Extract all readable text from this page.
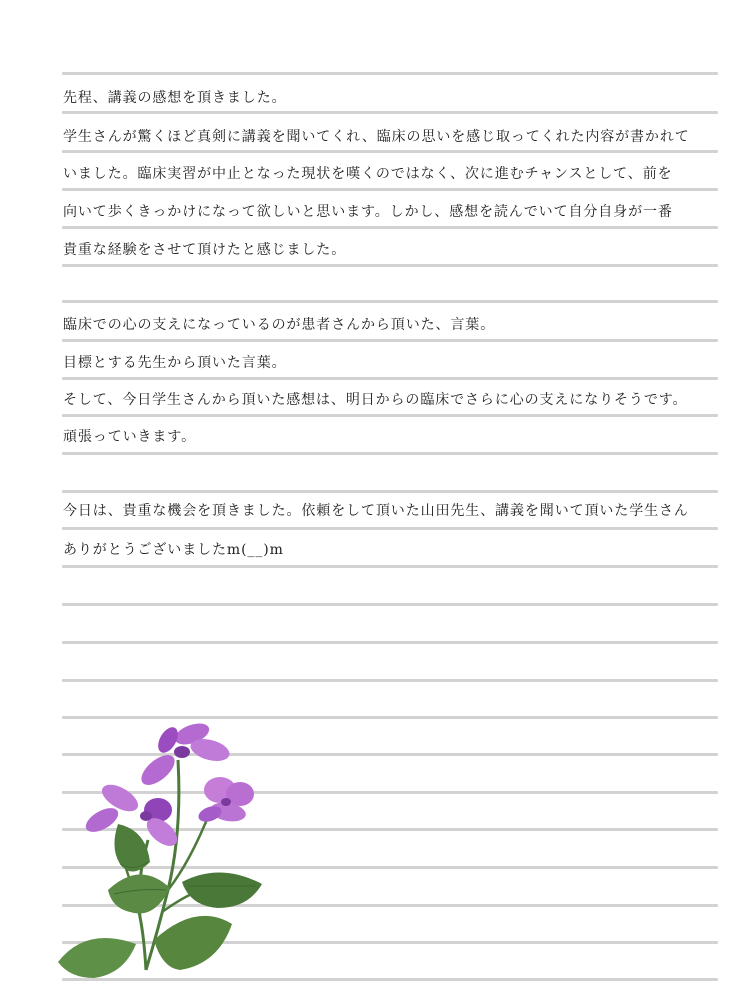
先程、講義の感想を頂きました。
学生さんが驚くほど真剣に講義を聞いてくれ、臨床の思いを感じ取ってくれた内容が書かれて
いました。臨床実習が中止となった現状を嘆くのではなく、次に進むチャンスとして、前を
向いて歩くきっかけになって欲しいと思います。しかし、感想を読んでいて自分自身が一番
貴重な経験をさせて頂けたと感じました。
臨床での心の支えになっているのが患者さんから頂いた、言葉。
目標とする先生から頂いた言葉。
そして、今日学生さんから頂いた感想は、明日からの臨床でさらに心の支えになりそうです。
頑張っていきます。
今日は、貴重な機会を頂きました。依頼をして頂いた山田先生、講義を聞いて頂いた学生さん
ありがとうございましたm(__)m
